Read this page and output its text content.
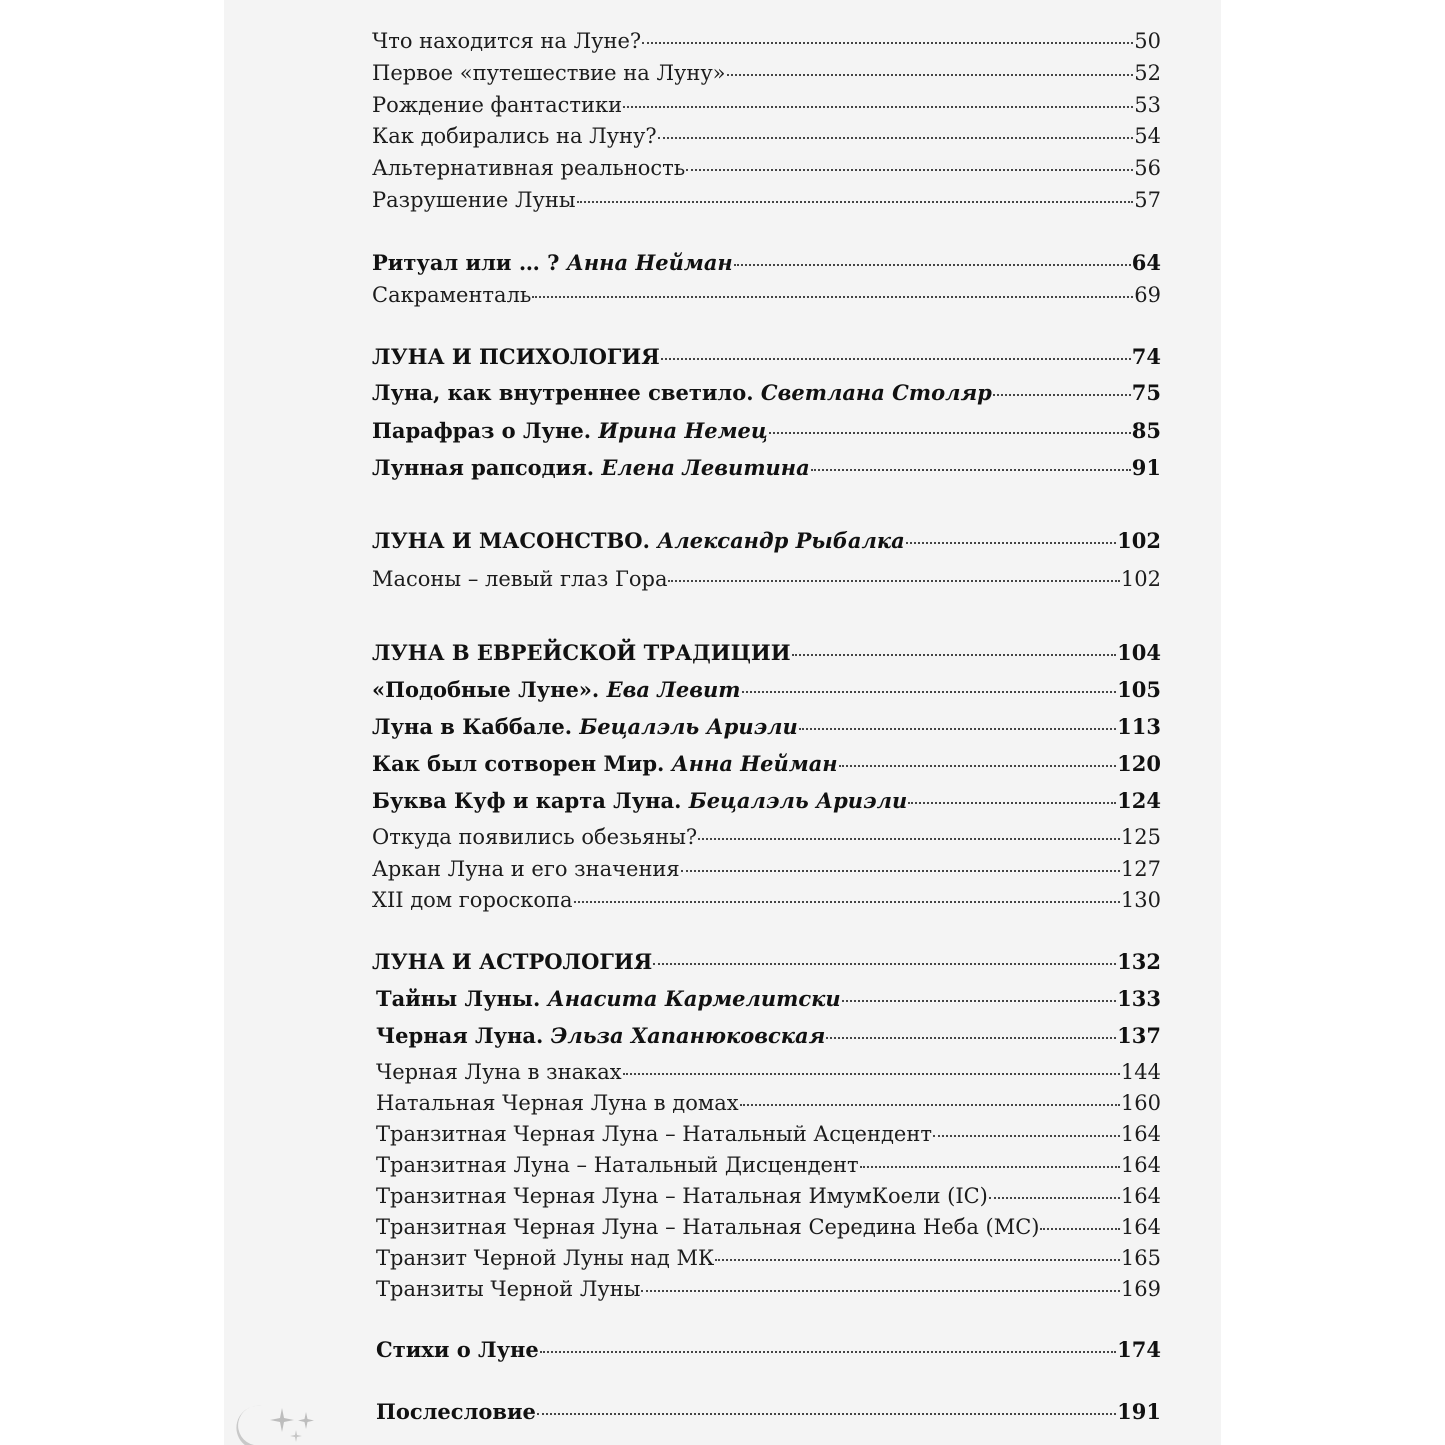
Что находится на Луне?	50
Первое «путешествие на Луну»	52
Рождение фантастики	53
Как добирались на Луну?	54
Альтернативная реальность	56
Разрушение Луны	57
Ритуал или … ? Анна Нейман	64
Сакраменталь	69
ЛУНА И ПСИХОЛОГИЯ	74
Луна, как внутреннее светило. Светлана Столяр	75
Парафраз о Луне. Ирина Немец	85
Лунная рапсодия. Елена Левитина	91
ЛУНА И МАСОНСТВО. Александр Рыбалка	102
Масоны – левый глаз Гора	102
ЛУНА В ЕВРЕЙСКОЙ ТРАДИЦИИ	104
«Подобные Луне». Ева Левит	105
Луна в Каббале. Бецалэль Ариэли	113
Как был сотворен Мир. Анна Нейман	120
Буква Куф и карта Луна. Бецалэль Ариэли	124
Откуда появились обезьяны?	125
Аркан Луна и его значения	127
XII дом гороскопа	130
ЛУНА И АСТРОЛОГИЯ	132
Тайны Луны. Анасита Кармелитски	133
Черная Луна. Эльза Хапанюковская	137
Черная Луна в знаках	144
Натальная Черная Луна в домах	160
Транзитная Черная Луна – Натальный Асцендент	164
Транзитная Луна – Натальный Дисцендент	164
Транзитная Черная Луна – Натальная ИмумКоели (IC)	164
Транзитная Черная Луна – Натальная Середина Неба (MC)	164
Транзит Черной Луны над МК	165
Транзиты Черной Луны	169
Стихи о Луне	174
Послесловие	191
